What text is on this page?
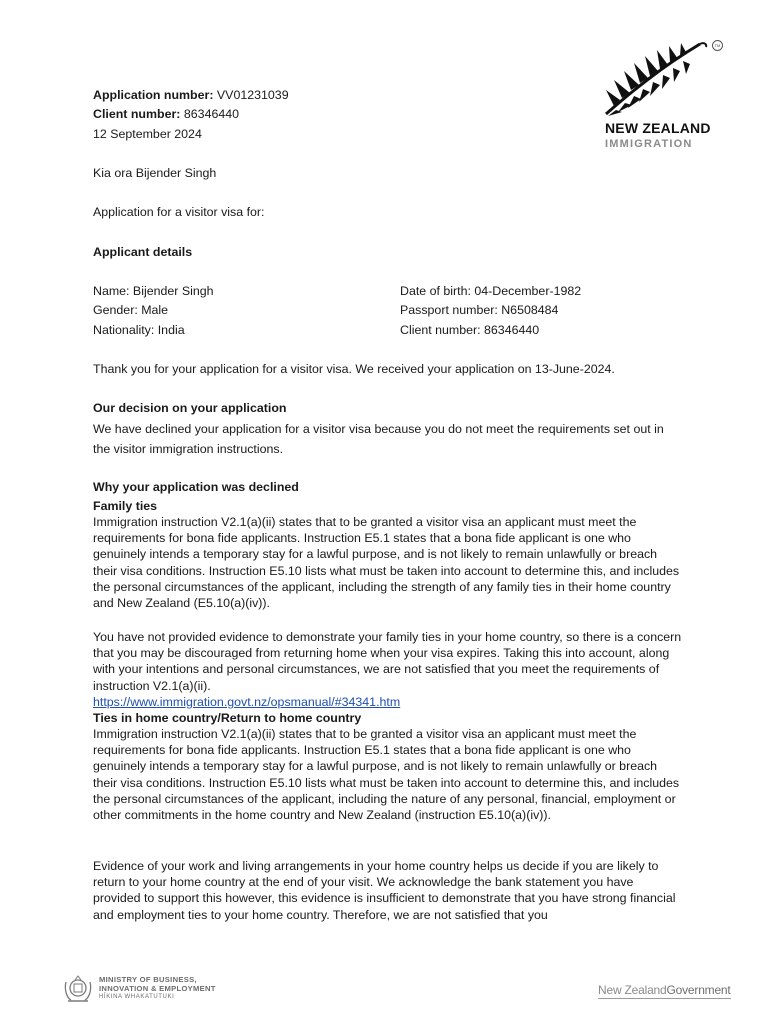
Application number: VV01231039
Client number: 86346440
12 September 2024
TM
NEW ZEALAND
IMMIGRATION
Kia ora Bijender Singh
Application for a visitor visa for:
Applicant details
Name: Bijender Singh
Gender: Male
Nationality: India
Date of birth: 04-December-1982
Passport number: N6508484
Client number: 86346440
Thank you for your application for a visitor visa. We received your application on 13-June-2024.
Our decision on your application
We have declined your application for a visitor visa because you do not meet the requirements set out in the visitor immigration instructions.
Why your application was declined
Family ties
Immigration instruction V2.1(a)(ii) states that to be granted a visitor visa an applicant must meet the requirements for bona fide applicants. Instruction E5.1 states that a bona fide applicant is one who genuinely intends a temporary stay for a lawful purpose, and is not likely to remain unlawfully or breach their visa conditions. Instruction E5.10 lists what must be taken into account to determine this, and includes the personal circumstances of the applicant, including the strength of any family ties in their home country and New Zealand (E5.10(a)(iv)).
You have not provided evidence to demonstrate your family ties in your home country, so there is a concern that you may be discouraged from returning home when your visa expires. Taking this into account, along with your intentions and personal circumstances, we are not satisfied that you meet the requirements of instruction V2.1(a)(ii).
https://www.immigration.govt.nz/opsmanual/#34341.htm
Ties in home country/Return to home country
Immigration instruction V2.1(a)(ii) states that to be granted a visitor visa an applicant must meet the requirements for bona fide applicants. Instruction E5.1 states that a bona fide applicant is one who genuinely intends a temporary stay for a lawful purpose, and is not likely to remain unlawfully or breach their visa conditions. Instruction E5.10 lists what must be taken into account to determine this, and includes the personal circumstances of the applicant, including the nature of any personal, financial, employment or other commitments in the home country and New Zealand (instruction E5.10(a)(iv)).
Evidence of your work and living arrangements in your home country helps us decide if you are likely to return to your home country at the end of your visit. We acknowledge the bank statement you have provided to support this however, this evidence is insufficient to demonstrate that you have strong financial and employment ties to your home country. Therefore, we are not satisfied that you
MINISTRY OF BUSINESS,
INNOVATION & EMPLOYMENT
HĪKINA WHAKATUTUKI
New ZealandGovernment
